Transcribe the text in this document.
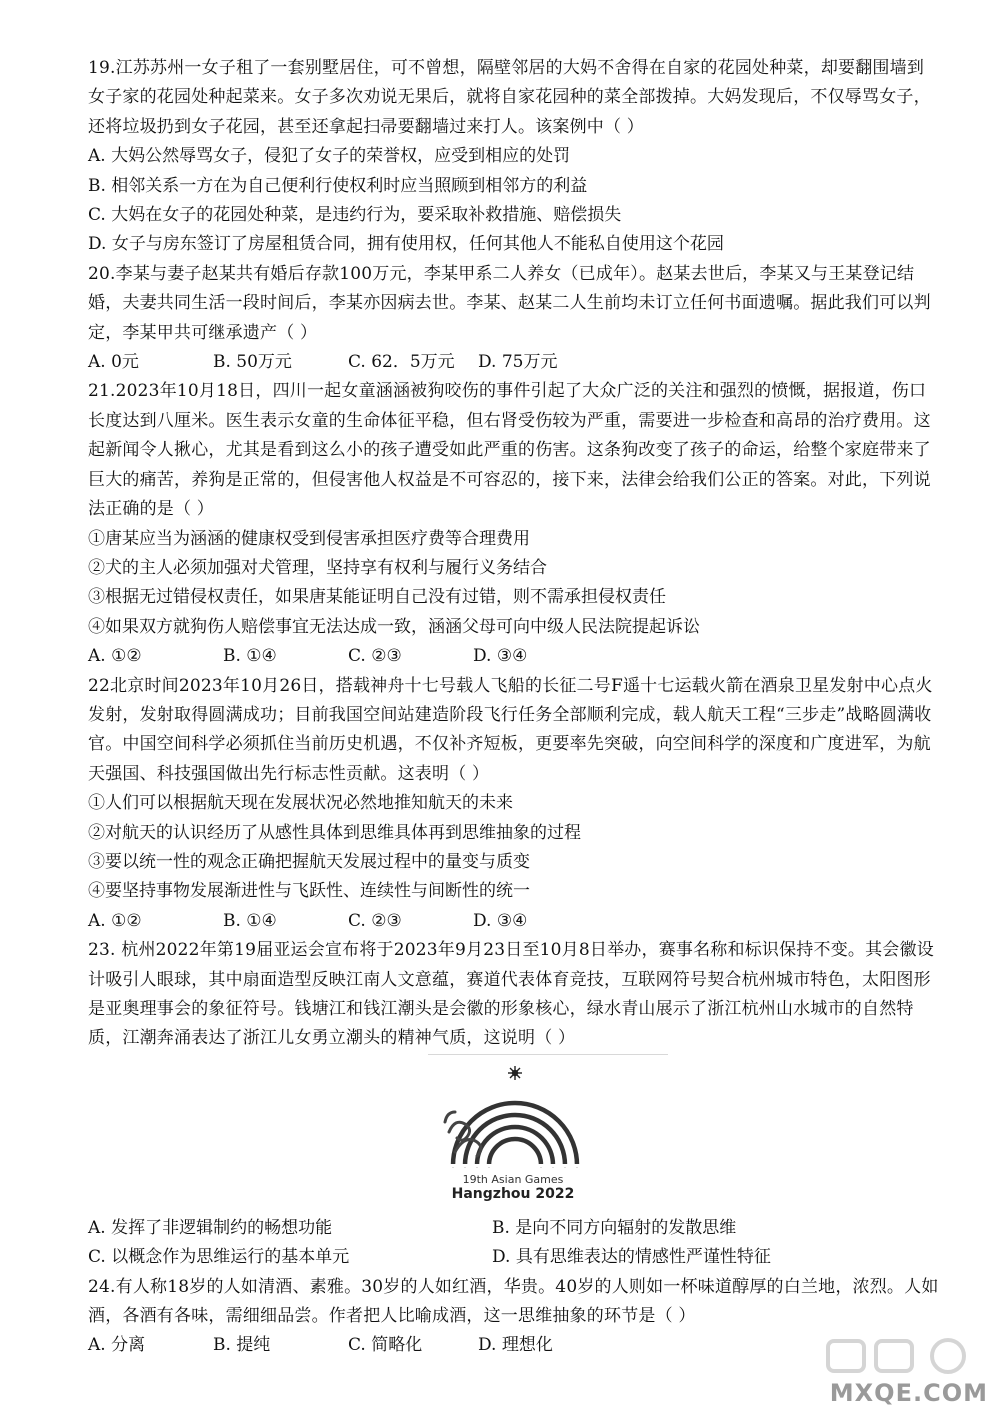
19.江苏苏州一女子租了一套别墅居住，可不曾想，隔壁邻居的大妈不舍得在自家的花园处种菜，却要翻围墙到女子家的花园处种起菜来。女子多次劝说无果后，就将自家花园种的菜全部拨掉。大妈发现后，不仅辱骂女子，还将垃圾扔到女子花园，甚至还拿起扫帚要翻墙过来打人。该案例中（ ）

A. 大妈公然辱骂女子，侵犯了女子的荣誉权，应受到相应的处罚

B. 相邻关系一方在为自己便利行使权利时应当照顾到相邻方的利益

C. 大妈在女子的花园处种菜，是违约行为，要采取补救措施、赔偿损失

D. 女子与房东签订了房屋租赁合同，拥有使用权，任何其他人不能私自使用这个花园

20.李某与妻子赵某共有婚后存款100万元，李某甲系二人养女（已成年）。赵某去世后，李某又与王某登记结婚，夫妻共同生活一段时间后，李某亦因病去世。李某、赵某二人生前均未订立任何书面遗嘱。据此我们可以判定，李某甲共可继承遗产（ ）

A. 0元	B. 50万元	C. 62．5万元	D. 75万元

21.2023年10月18日，四川一起女童涵涵被狗咬伤的事件引起了大众广泛的关注和强烈的愤慨，据报道，伤口长度达到八厘米。医生表示女童的生命体征平稳，但右肾受伤较为严重，需要进一步检查和高昂的治疗费用。这起新闻令人揪心，尤其是看到这么小的孩子遭受如此严重的伤害。这条狗改变了孩子的命运，给整个家庭带来了巨大的痛苦，养狗是正常的，但侵害他人权益是不可容忍的，接下来，法律会给我们公正的答案。对此，下列说法正确的是（ ）

①唐某应当为涵涵的健康权受到侵害承担医疗费等合理费用

②犬的主人必须加强对犬管理，坚持享有权利与履行义务结合

③根据无过错侵权责任，如果唐某能证明自己没有过错，则不需承担侵权责任

④如果双方就狗伤人赔偿事宜无法达成一致，涵涵父母可向中级人民法院提起诉讼

A. ①②	B. ①④	C. ②③	D. ③④

22北京时间2023年10月26日，搭载神舟十七号载人飞船的长征二号F遥十七运载火箭在酒泉卫星发射中心点火发射，发射取得圆满成功；目前我国空间站建造阶段飞行任务全部顺利完成，载人航天工程“三步走”战略圆满收官。中国空间科学必须抓住当前历史机遇，不仅补齐短板，更要率先突破，向空间科学的深度和广度进军，为航天强国、科技强国做出先行标志性贡献。这表明（ ）

①人们可以根据航天现在发展状况必然地推知航天的未来

②对航天的认识经历了从感性具体到思维具体再到思维抽象的过程

③要以统一性的观念正确把握航天发展过程中的量变与质变

④要坚持事物发展渐进性与飞跃性、连续性与间断性的统一

A. ①②	B. ①④	C. ②③	D. ③④

23. 杭州2022年第19届亚运会宣布将于2023年9月23日至10月8日举办，赛事名称和标识保持不变。其会徽设计吸引人眼球，其中扇面造型反映江南人文意蕴，赛道代表体育竞技，互联网符号契合杭州城市特色，太阳图形是亚奥理事会的象征符号。钱塘江和钱江潮头是会徽的形象核心，绿水青山展示了浙江杭州山水城市的自然特质，江潮奔涌表达了浙江儿女勇立潮头的精神气质，这说明（ ）

19th Asian Games
Hangzhou 2022
A. 发挥了非逻辑制约的畅想功能	B. 是向不同方向辐射的发散思维
C. 以概念作为思维运行的基本单元	D. 具有思维表达的情感性严谨性特征

24.有人称18岁的人如清酒、素雅。30岁的人如红酒，华贵。40岁的人则如一杯味道醇厚的白兰地，浓烈。人如酒，各酒有各味，需细细品尝。作者把人比喻成酒，这一思维抽象的环节是（ ）

A. 分离	B. 提纯	C. 简略化	D. 理想化
MXQE.COM
